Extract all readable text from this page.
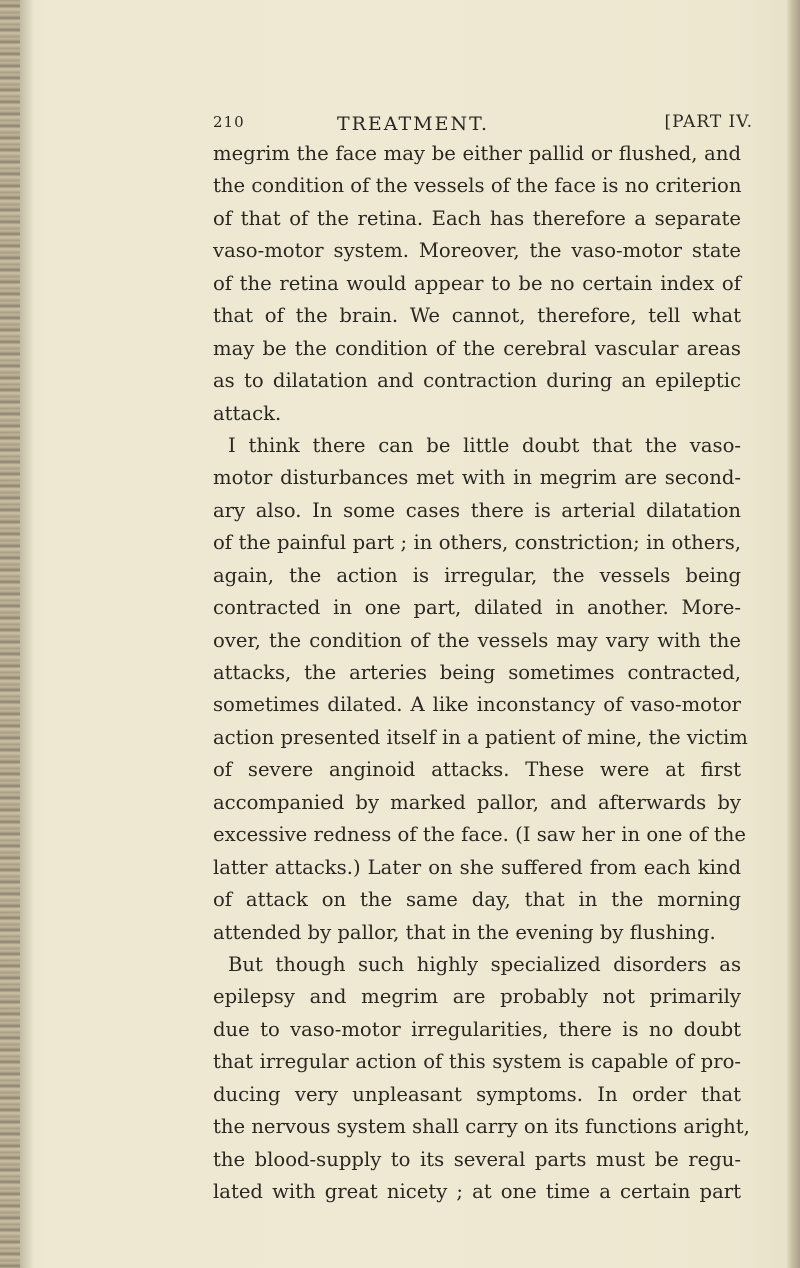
210	TREATMENT.	[PART IV.
megrim the face may be either pallid or flushed, and
the condition of the vessels of the face is no criterion
of that of the retina. Each has therefore a separate
vaso-motor system. Moreover, the vaso-motor state
of the retina would appear to be no certain index of
that of the brain. We cannot, therefore, tell what
may be the condition of the cerebral vascular areas
as to dilatation and contraction during an epileptic
attack.
I think there can be little doubt that the vaso-
motor disturbances met with in megrim are second-
ary also. In some cases there is arterial dilatation
of the painful part ; in others, constriction; in others,
again, the action is irregular, the vessels being
contracted in one part, dilated in another. More-
over, the condition of the vessels may vary with the
attacks, the arteries being sometimes contracted,
sometimes dilated. A like inconstancy of vaso-motor
action presented itself in a patient of mine, the victim
of severe anginoid attacks. These were at first
accompanied by marked pallor, and afterwards by
excessive redness of the face. (I saw her in one of the
latter attacks.) Later on she suffered from each kind
of attack on the same day, that in the morning
attended by pallor, that in the evening by flushing.
But though such highly specialized disorders as
epilepsy and megrim are probably not primarily
due to vaso-motor irregularities, there is no doubt
that irregular action of this system is capable of pro-
ducing very unpleasant symptoms. In order that
the nervous system shall carry on its functions aright,
the blood-supply to its several parts must be regu-
lated with great nicety ; at one time a certain part
